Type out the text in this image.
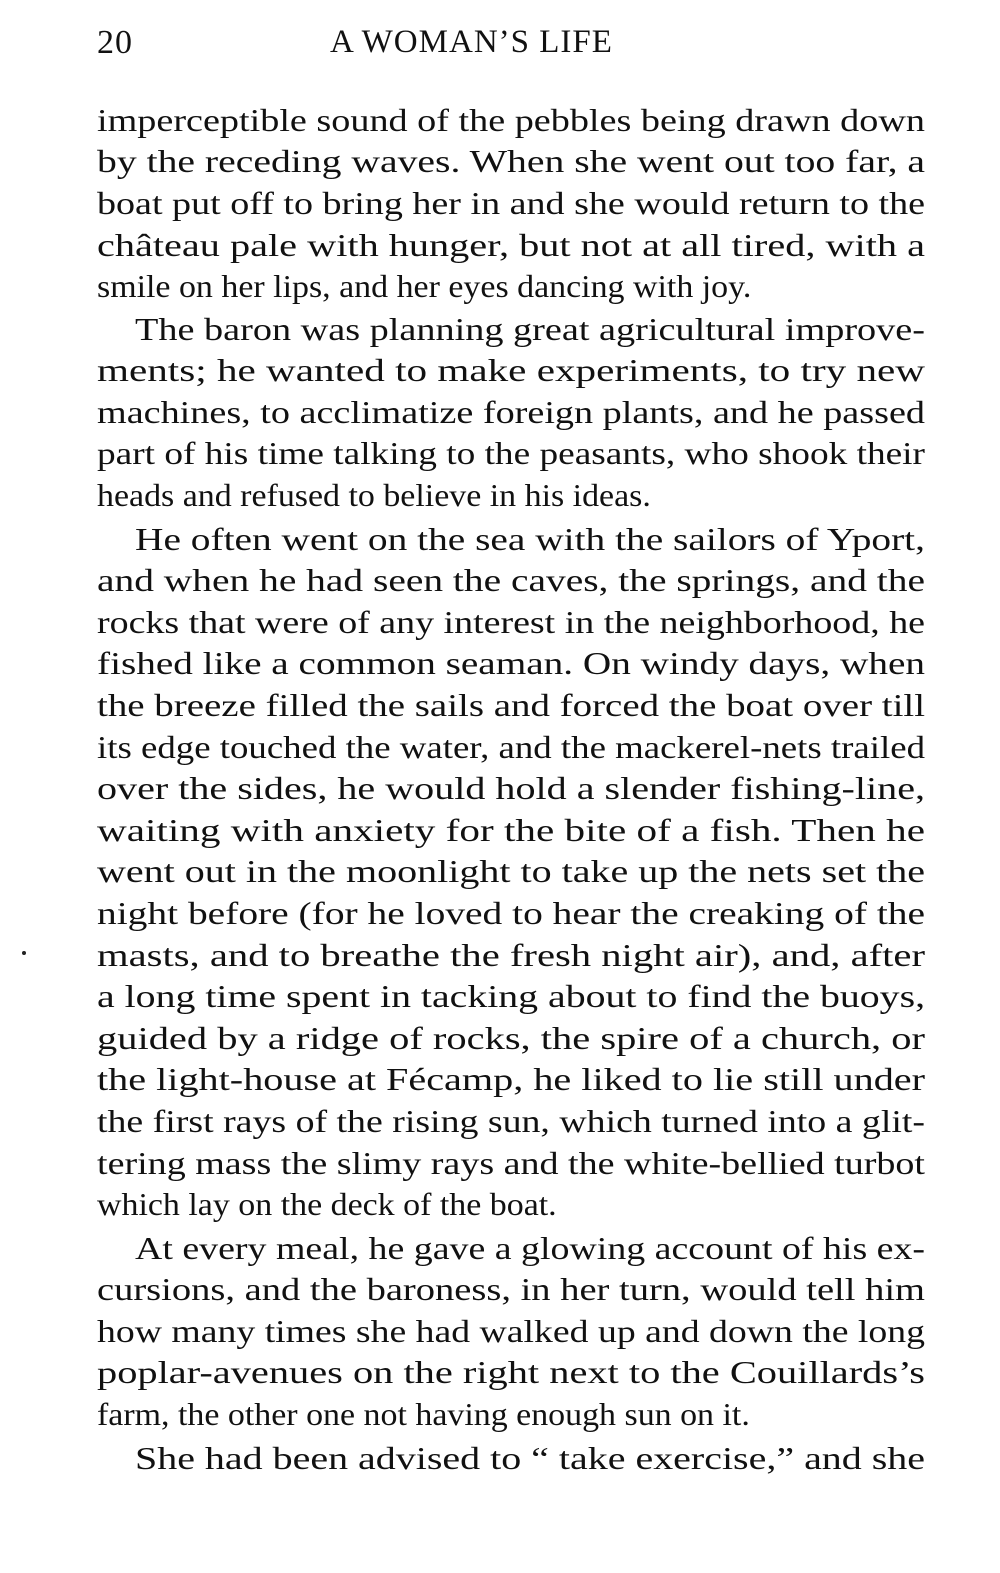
20	A WOMAN’S LIFE
imperceptible sound of the pebbles being drawn down
by the receding waves. When she went out too far, a
boat put off to bring her in and she would return to the
château pale with hunger, but not at all tired, with a
smile on her lips, and her eyes dancing with joy.
The baron was planning great agricultural improve-
ments; he wanted to make experiments, to try new
machines, to acclimatize foreign plants, and he passed
part of his time talking to the peasants, who shook their
heads and refused to believe in his ideas.
He often went on the sea with the sailors of Yport,
and when he had seen the caves, the springs, and the
rocks that were of any interest in the neighborhood, he
fished like a common seaman. On windy days, when
the breeze filled the sails and forced the boat over till
its edge touched the water, and the mackerel-nets trailed
over the sides, he would hold a slender fishing-line,
waiting with anxiety for the bite of a fish. Then he
went out in the moonlight to take up the nets set the
night before (for he loved to hear the creaking of the
masts, and to breathe the fresh night air), and, after
a long time spent in tacking about to find the buoys,
guided by a ridge of rocks, the spire of a church, or
the light-house at Fécamp, he liked to lie still under
the first rays of the rising sun, which turned into a glit-
tering mass the slimy rays and the white-bellied turbot
which lay on the deck of the boat.
At every meal, he gave a glowing account of his ex-
cursions, and the baroness, in her turn, would tell him
how many times she had walked up and down the long
poplar-avenues on the right next to the Couillards’s
farm, the other one not having enough sun on it.
She had been advised to “ take exercise,” and she
